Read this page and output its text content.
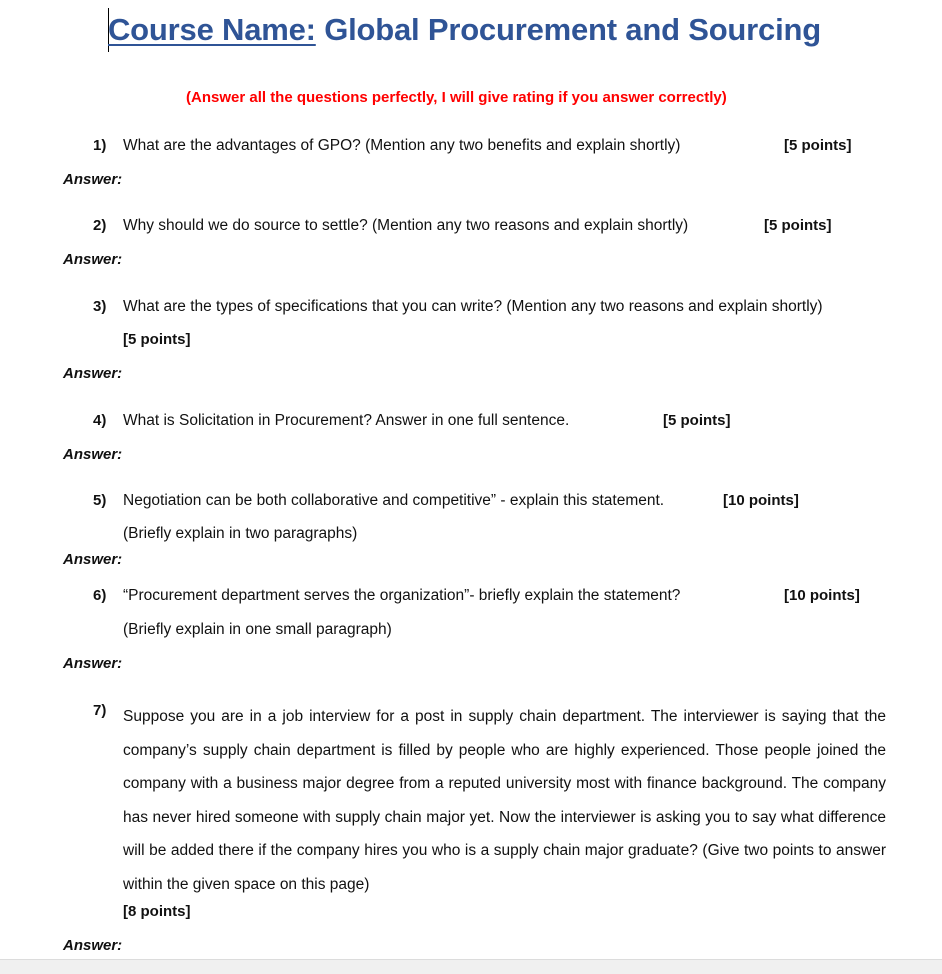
Course Name: Global Procurement and Sourcing
(Answer all the questions perfectly, I will give rating if you answer correctly)
1)	What are the advantages of GPO? (Mention any two benefits and explain shortly)	[5 points]
Answer:
2)	Why should we do source to settle? (Mention any two reasons and explain shortly)	[5 points]
Answer:
3)	What are the types of specifications that you can write? (Mention any two reasons and explain shortly)
[5 points]
Answer:
4)	What is Solicitation in Procurement? Answer in one full sentence.	[5 points]
Answer:
5)	Negotiation can be both collaborative and competitive” - explain this statement.	[10 points]
(Briefly explain in two paragraphs)
Answer:
6)	“Procurement department serves the organization”- briefly explain the statement?	[10 points]
(Briefly explain in one small paragraph)
Answer:
7)	Suppose you are in a job interview for a post in supply chain department. The interviewer is saying that the company’s supply chain department is filled by people who are highly experienced. Those people joined the company with a business major degree from a reputed university most with finance background. The company has never hired someone with supply chain major yet. Now the interviewer is asking you to say what difference will be added there if the company hires you who is a supply chain major graduate? (Give two points to answer within the given space on this page)
[8 points]
Answer:
